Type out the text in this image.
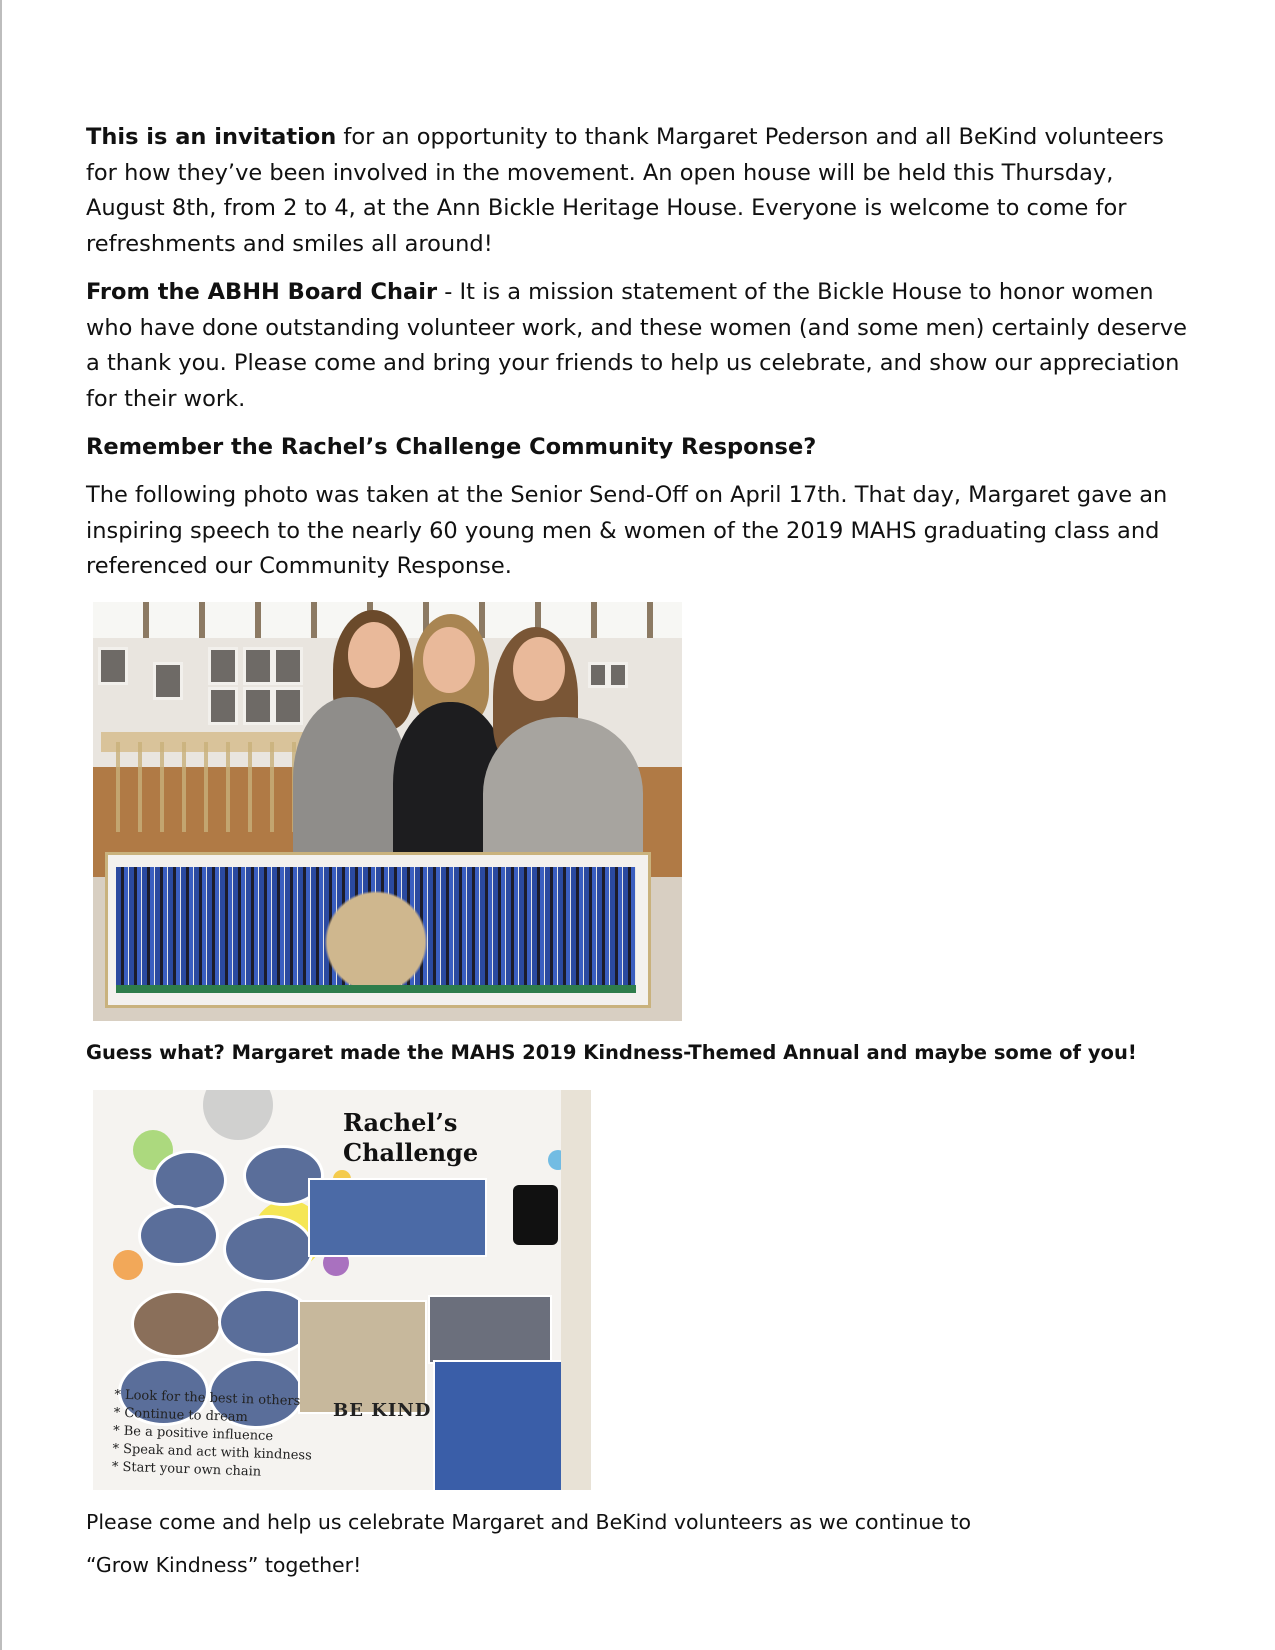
This is an invitation for an opportunity to thank Margaret Pederson and all BeKind volunteers for how they’ve been involved in the movement. An open house will be held this Thursday, August 8th, from 2 to 4, at the Ann Bickle Heritage House. Everyone is welcome to come for refreshments and smiles all around!

From the ABHH Board Chair - It is a mission statement of the Bickle House to honor women who have done outstanding volunteer work, and these women (and some men) certainly deserve a thank you. Please come and bring your friends to help us celebrate, and show our appreciation for their work.

Remember the Rachel’s Challenge Community Response?

The following photo was taken at the Senior Send-Off on April 17th. That day, Margaret gave an inspiring speech to the nearly 60 young men & women of the 2019 MAHS graduating class and referenced our Community Response.

Guess what? Margaret made the MAHS 2019 Kindness-Themed Annual and maybe some of you!

Rachel’s
Challenge
BE KIND
* Look for the best in others
* Continue to dream
* Be a positive influence
* Speak and act with kindness
* Start your own chain

Please come and help us celebrate Margaret and BeKind volunteers as we continue to

“Grow Kindness” together!
